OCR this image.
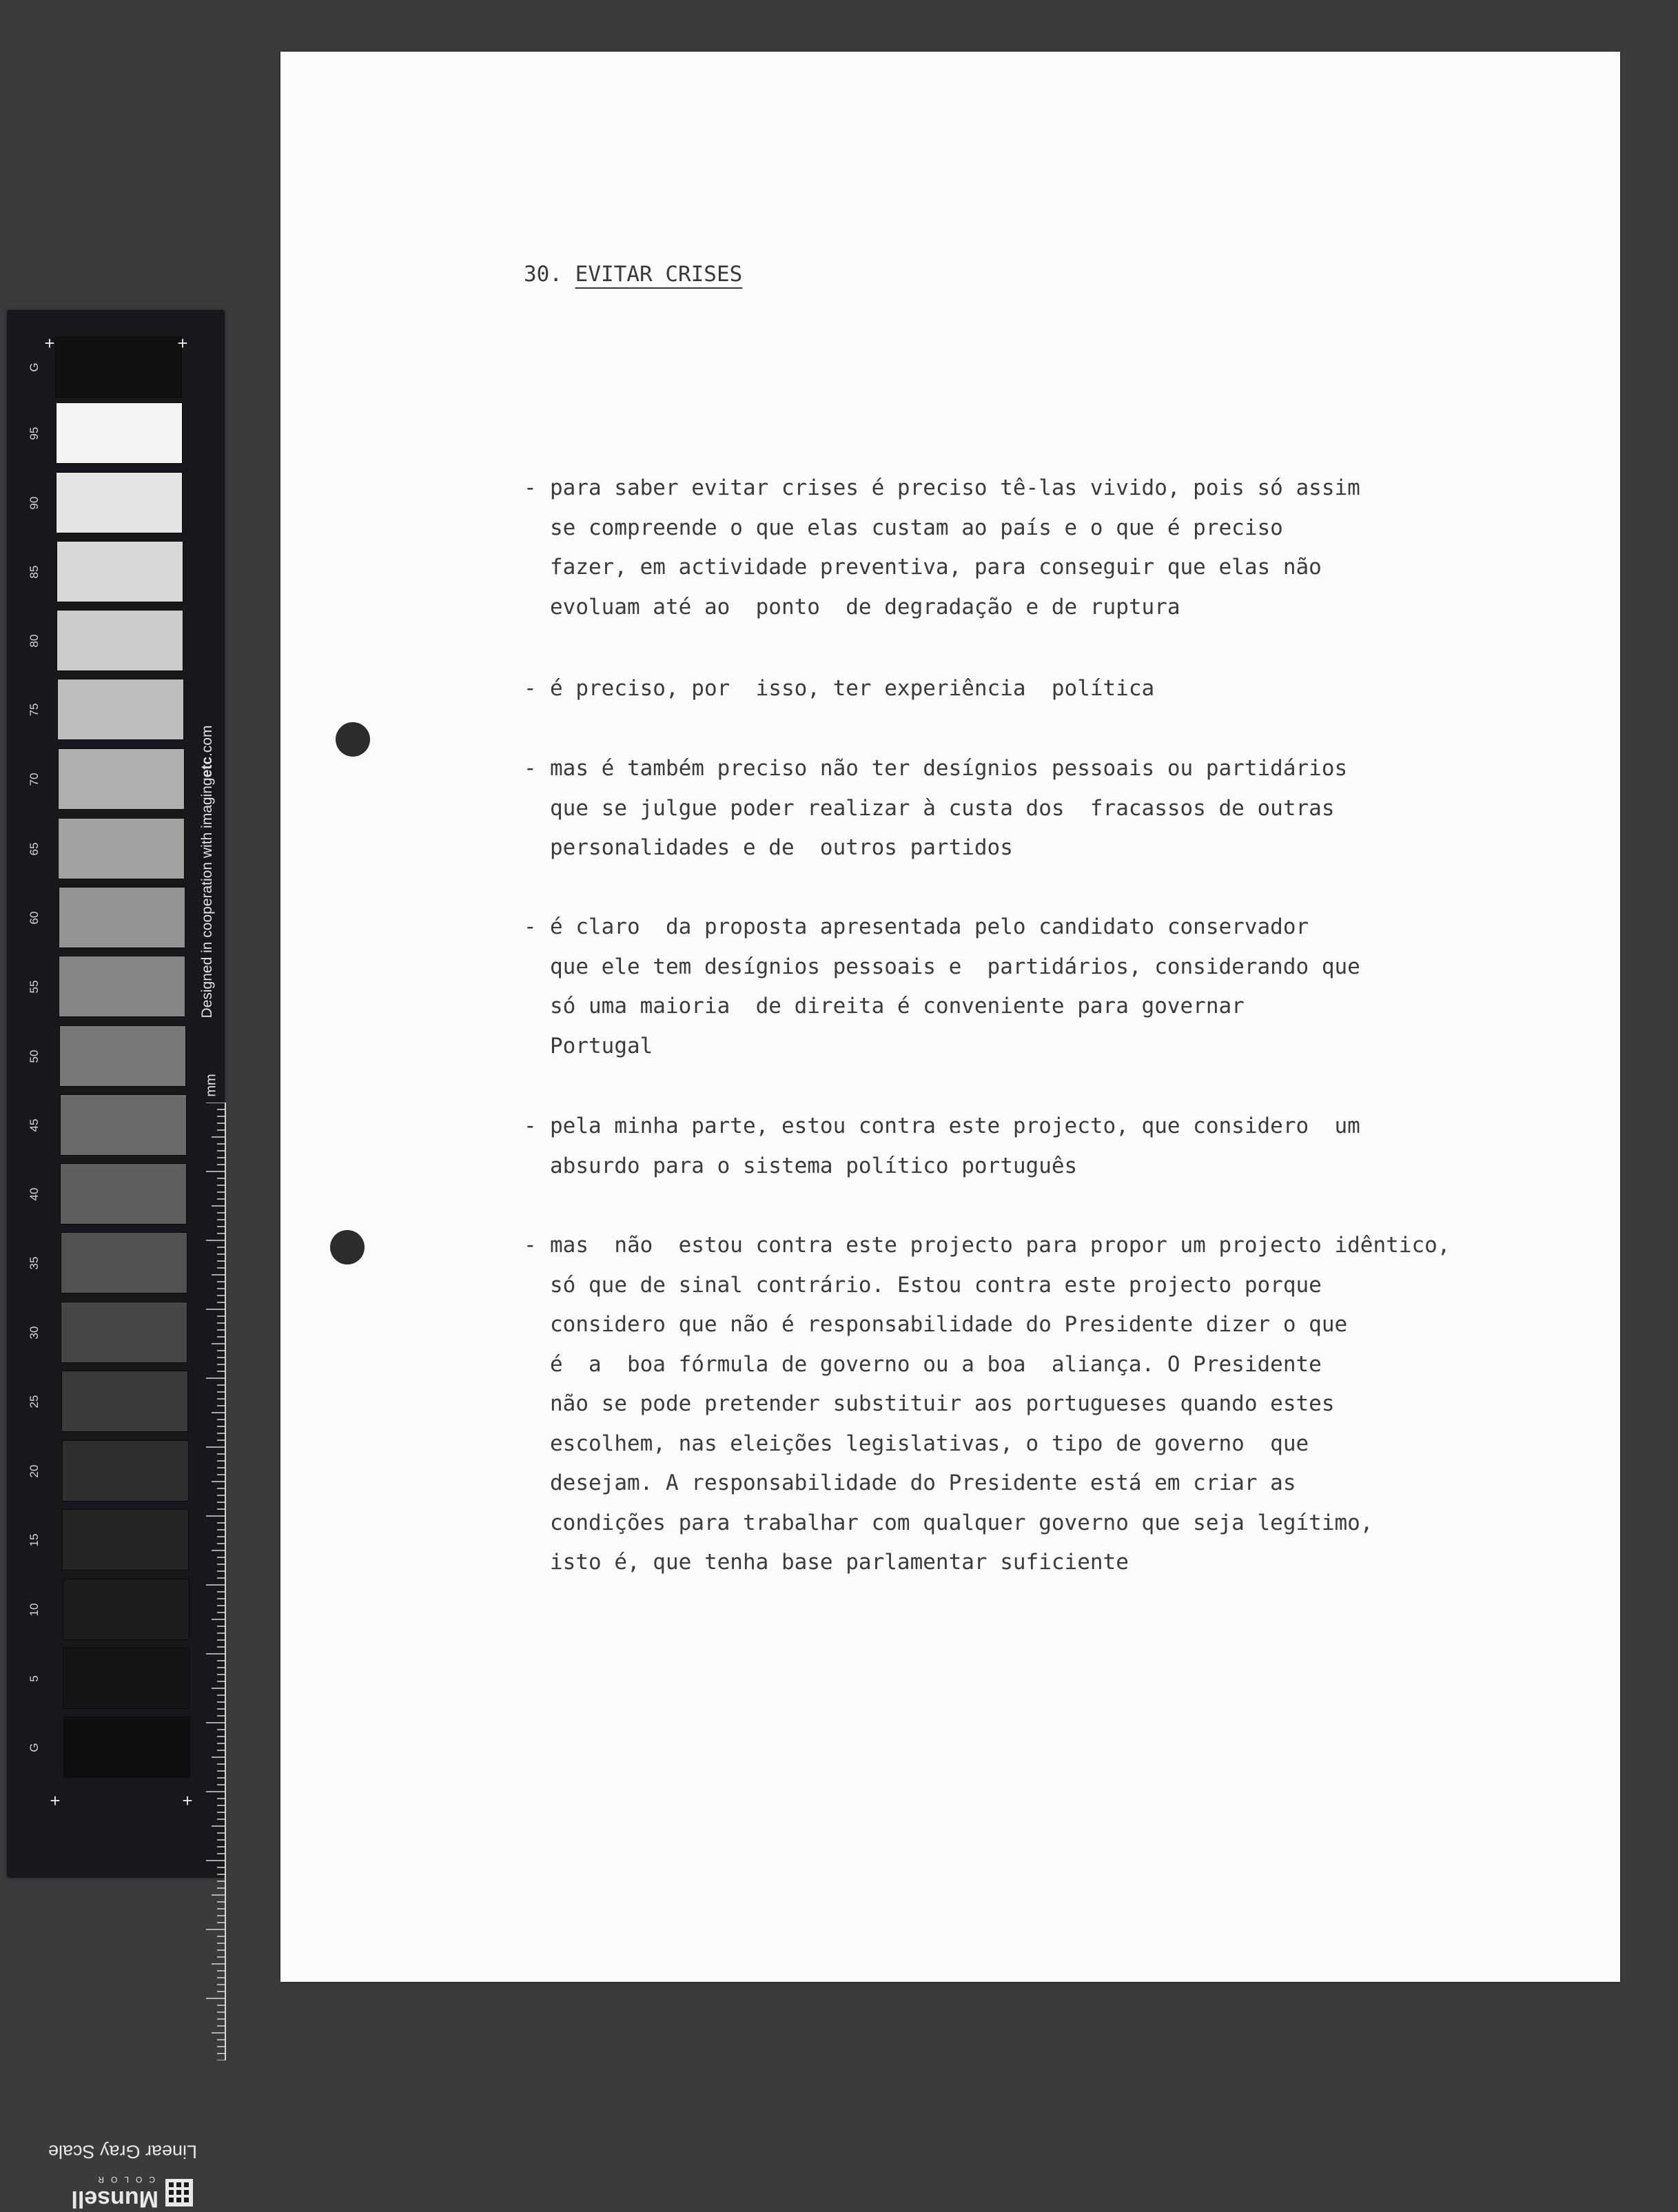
G
95
90
85
80
75
70
65
60
55
50
45
40
35
30
25
20
15
10
5
G
+	+
+	+
Designed in cooperation with imagingetc.com
mm
Linear Gray Scale
Munsell
COLOR
30. EVITAR CRISES
- para saber evitar crises é preciso tê-las vivido, pois só assim
se compreende o que elas custam ao país e o que é preciso
fazer, em actividade preventiva, para conseguir que elas não
evoluam até ao  ponto  de degradação e de ruptura
- é preciso, por  isso, ter experiência  política
- mas é também preciso não ter desígnios pessoais ou partidários
que se julgue poder realizar à custa dos  fracassos de outras
personalidades e de  outros partidos
- é claro  da proposta apresentada pelo candidato conservador
que ele tem desígnios pessoais e  partidários, considerando que
só uma maioria  de direita é conveniente para governar
Portugal
- pela minha parte, estou contra este projecto, que considero  um
absurdo para o sistema político português
- mas  não  estou contra este projecto para propor um projecto idêntico,
só que de sinal contrário. Estou contra este projecto porque
considero que não é responsabilidade do Presidente dizer o que
é  a  boa fórmula de governo ou a boa  aliança. O Presidente
não se pode pretender substituir aos portugueses quando estes
escolhem, nas eleições legislativas, o tipo de governo  que
desejam. A responsabilidade do Presidente está em criar as
condições para trabalhar com qualquer governo que seja legítimo,
isto é, que tenha base parlamentar suficiente
